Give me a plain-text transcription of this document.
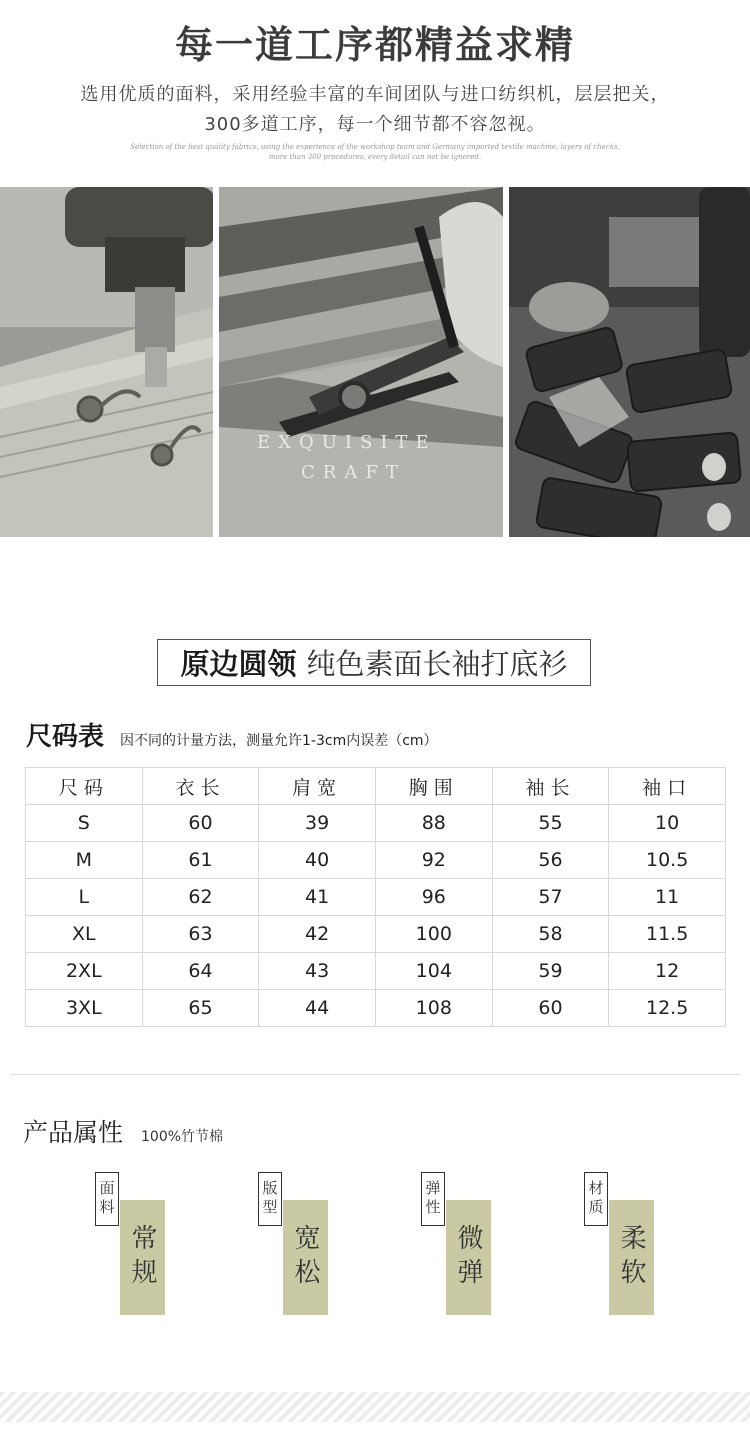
每一道工序都精益求精
选用优质的面料，采用经验丰富的车间团队与进口纺织机，层层把关，
300多道工序，每一个细节都不容忽视。
Selection of the best quality fabrics, using the experience of the workshop team and Germany imported textile machine, layers of checks,
more than 300 procedures, every detail can not be ignored.
EXQUISITE
CRAFT
原边圆领 纯色素面长袖打底衫
尺码表 因不同的计量方法，测量允许1-3cm内误差（cm）
尺码	衣长	肩宽	胸围	袖长	袖口
S	60	39	88	55	10
M	61	40	92	56	10.5
L	62	41	96	57	11
XL	63	42	100	58	11.5
2XL	64	43	104	59	12
3XL	65	44	108	60	12.5
产品属性 100%竹节棉
常规
面料
宽松
版型
微弹
弹性
柔软
材质
